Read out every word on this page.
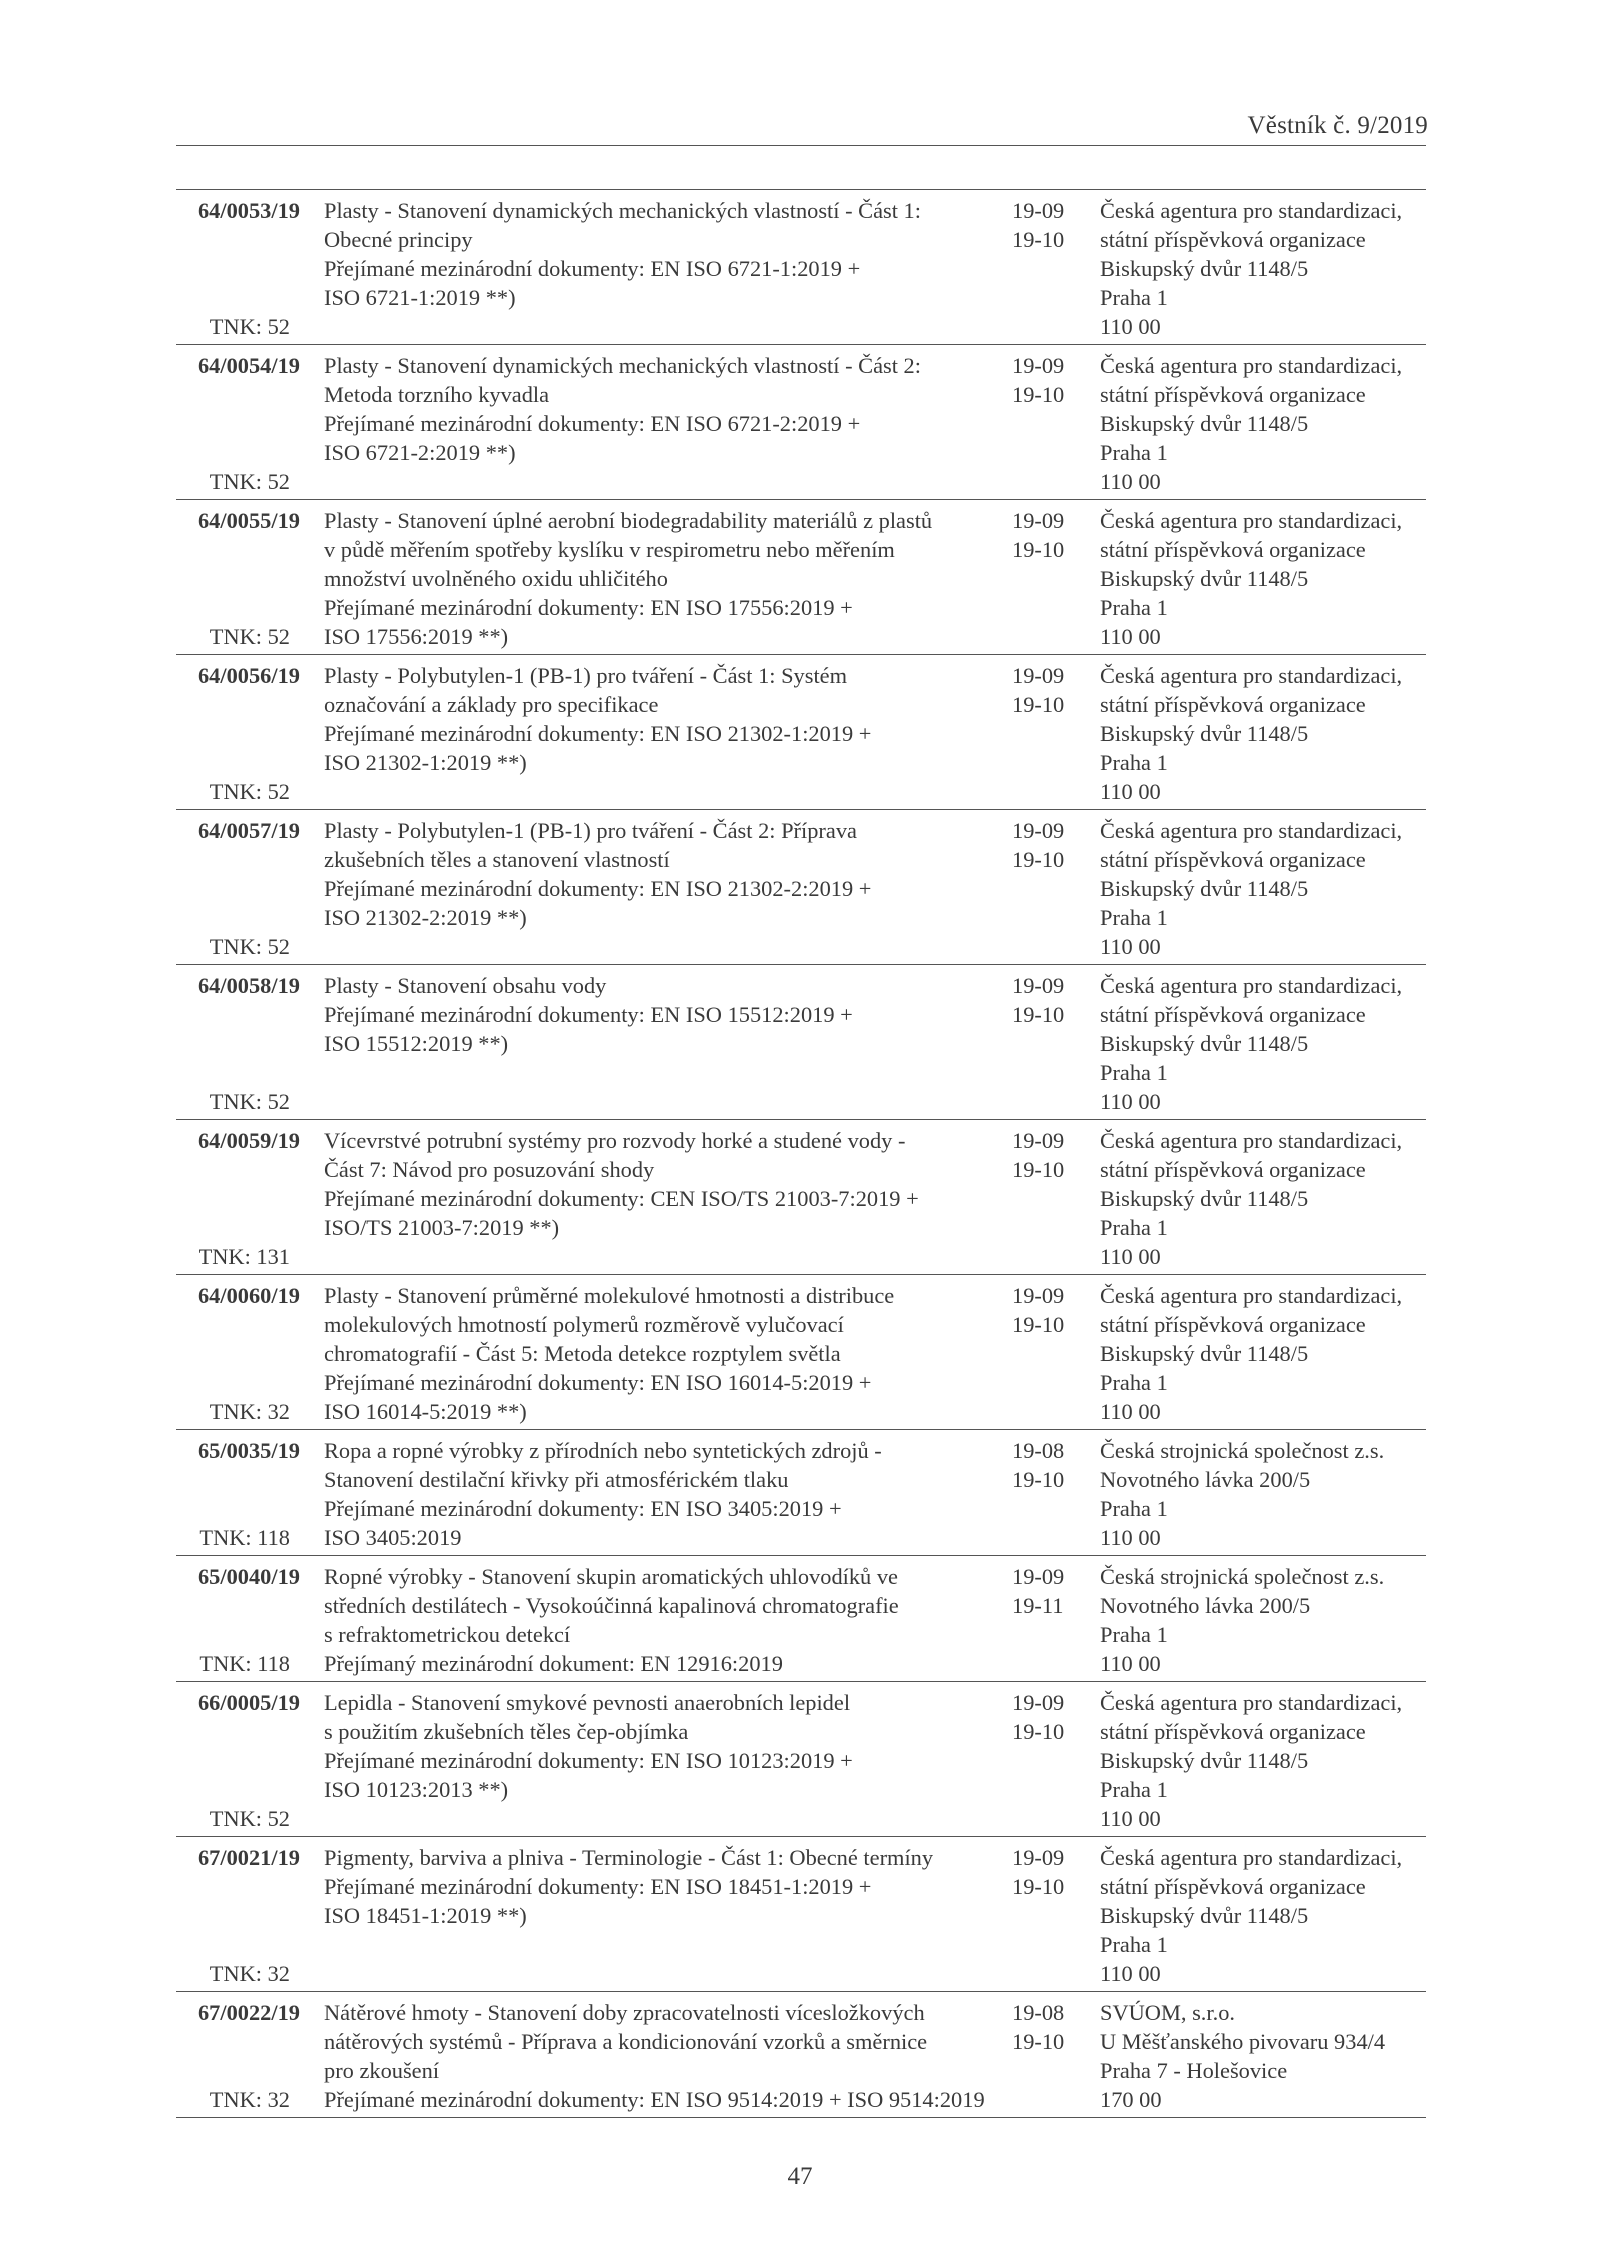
Věstník č. 9/2019
64/0053/19
TNK: 52
Plasty - Stanovení dynamických mechanických vlastností - Část 1:
Obecné principy
Přejímané mezinárodní dokumenty: EN ISO 6721-1:2019 +
ISO 6721-1:2019 **)
19-09
19-10
Česká agentura pro standardizaci,
státní příspěvková organizace
Biskupský dvůr 1148/5
Praha 1
110 00
64/0054/19
TNK: 52
Plasty - Stanovení dynamických mechanických vlastností - Část 2:
Metoda torzního kyvadla
Přejímané mezinárodní dokumenty: EN ISO 6721-2:2019 +
ISO 6721-2:2019 **)
19-09
19-10
Česká agentura pro standardizaci,
státní příspěvková organizace
Biskupský dvůr 1148/5
Praha 1
110 00
64/0055/19
TNK: 52
Plasty - Stanovení úplné aerobní biodegradability materiálů z plastů
v půdě měřením spotřeby kyslíku v respirometru nebo měřením
množství uvolněného oxidu uhličitého
Přejímané mezinárodní dokumenty: EN ISO 17556:2019 +
ISO 17556:2019 **)
19-09
19-10
Česká agentura pro standardizaci,
státní příspěvková organizace
Biskupský dvůr 1148/5
Praha 1
110 00
64/0056/19
TNK: 52
Plasty - Polybutylen-1 (PB-1) pro tváření - Část 1: Systém
označování a základy pro specifikace
Přejímané mezinárodní dokumenty: EN ISO 21302-1:2019 +
ISO 21302-1:2019 **)
19-09
19-10
Česká agentura pro standardizaci,
státní příspěvková organizace
Biskupský dvůr 1148/5
Praha 1
110 00
64/0057/19
TNK: 52
Plasty - Polybutylen-1 (PB-1) pro tváření - Část 2: Příprava
zkušebních těles a stanovení vlastností
Přejímané mezinárodní dokumenty: EN ISO 21302-2:2019 +
ISO 21302-2:2019 **)
19-09
19-10
Česká agentura pro standardizaci,
státní příspěvková organizace
Biskupský dvůr 1148/5
Praha 1
110 00
64/0058/19
TNK: 52
Plasty - Stanovení obsahu vody
Přejímané mezinárodní dokumenty: EN ISO 15512:2019 +
ISO 15512:2019 **)
19-09
19-10
Česká agentura pro standardizaci,
státní příspěvková organizace
Biskupský dvůr 1148/5
Praha 1
110 00
64/0059/19
TNK: 131
Vícevrstvé potrubní systémy pro rozvody horké a studené vody -
Část 7: Návod pro posuzování shody
Přejímané mezinárodní dokumenty: CEN ISO/TS 21003-7:2019 +
ISO/TS 21003-7:2019 **)
19-09
19-10
Česká agentura pro standardizaci,
státní příspěvková organizace
Biskupský dvůr 1148/5
Praha 1
110 00
64/0060/19
TNK: 32
Plasty - Stanovení průměrné molekulové hmotnosti a distribuce
molekulových hmotností polymerů rozměrově vylučovací
chromatografií - Část 5: Metoda detekce rozptylem světla
Přejímané mezinárodní dokumenty: EN ISO 16014-5:2019 +
ISO 16014-5:2019 **)
19-09
19-10
Česká agentura pro standardizaci,
státní příspěvková organizace
Biskupský dvůr 1148/5
Praha 1
110 00
65/0035/19
TNK: 118
Ropa a ropné výrobky z přírodních nebo syntetických zdrojů -
Stanovení destilační křivky při atmosférickém tlaku
Přejímané mezinárodní dokumenty: EN ISO 3405:2019 +
ISO 3405:2019
19-08
19-10
Česká strojnická společnost z.s.
Novotného lávka 200/5
Praha 1
110 00
65/0040/19
TNK: 118
Ropné výrobky - Stanovení skupin aromatických uhlovodíků ve
středních destilátech - Vysokoúčinná kapalinová chromatografie
s refraktometrickou detekcí
Přejímaný mezinárodní dokument: EN 12916:2019
19-09
19-11
Česká strojnická společnost z.s.
Novotného lávka 200/5
Praha 1
110 00
66/0005/19
TNK: 52
Lepidla - Stanovení smykové pevnosti anaerobních lepidel
s použitím zkušebních těles čep-objímka
Přejímané mezinárodní dokumenty: EN ISO 10123:2019 +
ISO 10123:2013 **)
19-09
19-10
Česká agentura pro standardizaci,
státní příspěvková organizace
Biskupský dvůr 1148/5
Praha 1
110 00
67/0021/19
TNK: 32
Pigmenty, barviva a plniva - Terminologie - Část 1: Obecné termíny
Přejímané mezinárodní dokumenty: EN ISO 18451-1:2019 +
ISO 18451-1:2019 **)
19-09
19-10
Česká agentura pro standardizaci,
státní příspěvková organizace
Biskupský dvůr 1148/5
Praha 1
110 00
67/0022/19
TNK: 32
Nátěrové hmoty - Stanovení doby zpracovatelnosti vícesložkových
nátěrových systémů - Příprava a kondicionování vzorků a směrnice
pro zkoušení
Přejímané mezinárodní dokumenty: EN ISO 9514:2019 + ISO 9514:2019
19-08
19-10
SVÚOM, s.r.o.
U Měšťanského pivovaru 934/4
Praha 7 - Holešovice
170 00
47
